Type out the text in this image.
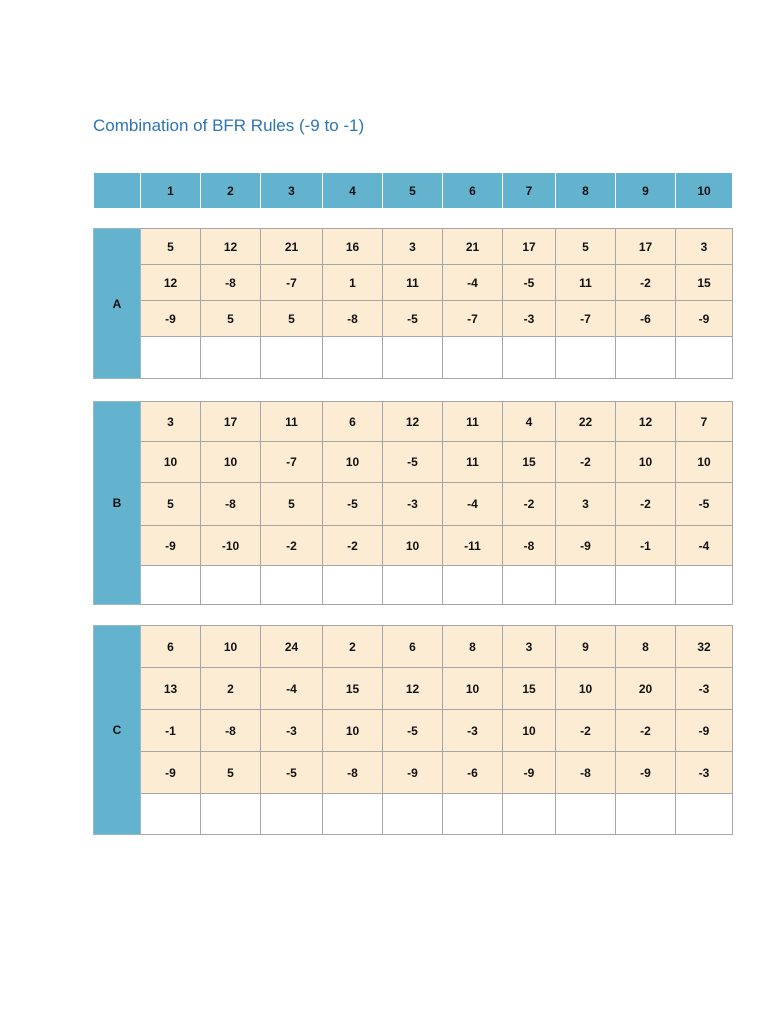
Combination of BFR Rules (-9 to -1)
	1	2	3	4	5	6	7	8	9	10
A	5	12	21	16	3	21	17	5	17	3
	12	-8	-7	1	11	-4	-5	11	-2	15
	-9	5	5	-8	-5	-7	-3	-7	-6	-9

B	3	17	11	6	12	11	4	22	12	7
	10	10	-7	10	-5	11	15	-2	10	10
	5	-8	5	-5	-3	-4	-2	3	-2	-5
	-9	-10	-2	-2	10	-11	-8	-9	-1	-4

C	6	10	24	2	6	8	3	9	8	32
	13	2	-4	15	12	10	15	10	20	-3
	-1	-8	-3	10	-5	-3	10	-2	-2	-9
	-9	5	-5	-8	-9	-6	-9	-8	-9	-3
